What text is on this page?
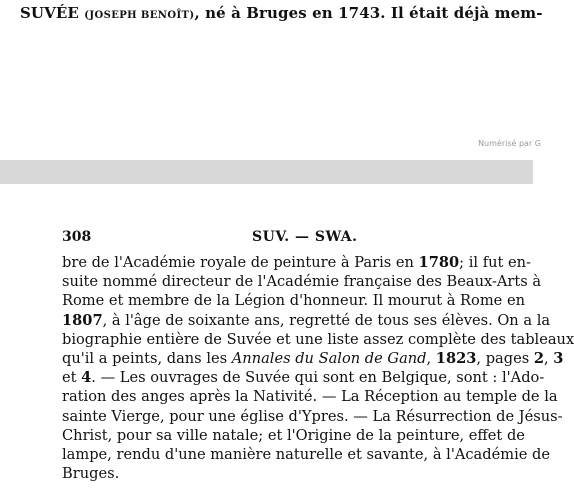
SUVÉE (JOSEPH BENOÎT), né à Bruges en 1743. Il était déjà mem-
Numérisé par G
308	SUV. — SWA.
bre de l'Académie royale de peinture à Paris en 1780; il fut en-
suite nommé directeur de l'Académie française des Beaux-Arts à
Rome et membre de la Légion d'honneur. Il mourut à Rome en
1807, à l'âge de soixante ans, regretté de tous ses élèves. On a la
biographie entière de Suvée et une liste assez complète des tableaux
qu'il a peints, dans les Annales du Salon de Gand, 1823, pages 2, 3
et 4. — Les ouvrages de Suvée qui sont en Belgique, sont : l'Ado-
ration des anges après la Nativité. — La Réception au temple de la
sainte Vierge, pour une église d'Ypres. — La Résurrection de Jésus-
Christ, pour sa ville natale; et l'Origine de la peinture, effet de
lampe, rendu d'une manière naturelle et savante, à l'Académie de
Bruges.
